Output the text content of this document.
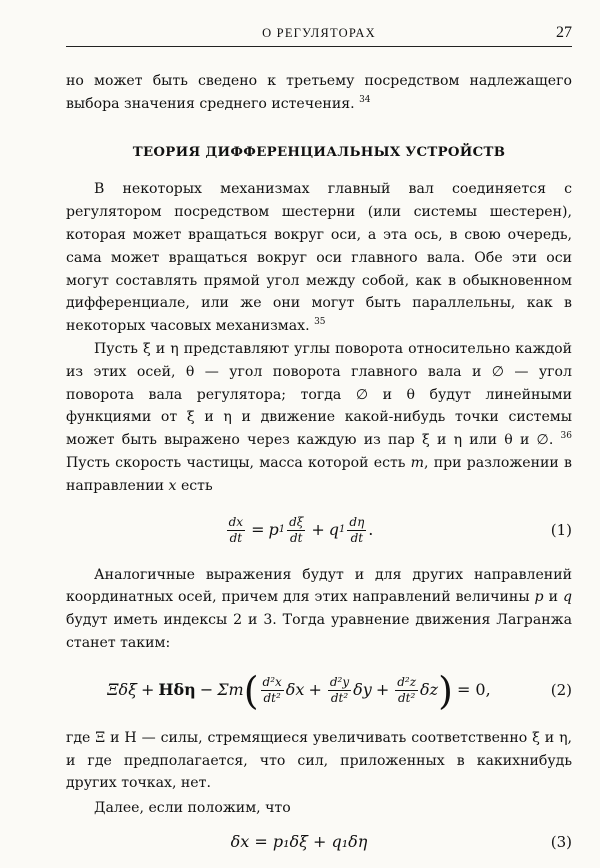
О РЕГУЛЯТОРАХ	27

но может быть сведено к третьему посредством надлежащего выбора значения среднего истечения. $^{34}$

ТЕОРИЯ ДИФФЕРЕНЦИАЛЬНЫХ УСТРОЙСТВ

В некоторых механизмах главный вал соединяется с регулятором посредством шестерни (или системы шестерен), которая может вращаться вокруг оси, а эта ось, в свою очередь, сама может вращаться вокруг оси главного вала. Обе эти оси могут составлять прямой угол между собой, как в обыкновенном дифференциале, или же они могут быть параллельны, как в некоторых часовых механизмах. $^{35}$

Пусть ξ и η представляют углы поворота относительно каждой из этих осей, θ — угол поворота главного вала и ∅ — угол поворота вала регулятора; тогда ∅ и θ будут линейными функциями от ξ и η и движение какой-нибудь точки системы может быть выражено через каждую из пар ξ и η или θ и ∅. $^{36}$ Пусть скорость частицы, масса которой есть m, при разложении в направлении x есть

$\frac{dx}{dt} = p$ $1 \frac{d\xi}{dt} + q$ $1 \frac{d\eta}{dt}$ .	(1)

Аналогичные выражения будут и для других направлений координатных осей, причем для этих направлений величины p и q будут иметь индексы 2 и 3. Тогда уравнение движения Лагранжа станет таким:

Ξδξ + Hδη − Σm ( $\frac{\text{d²x}}{\text{dt²}}$ $\delta x + \frac{\text{d²y}}{\text{dt²}}$ $\delta y + \frac{\text{d²z}}{\text{dt²}}$ δz ) = 0,	(2)

где Ξ и H — силы, стремящиеся увеличивать соответственно ξ и η, и где предполагается, что сил, приложенных в какихнибудь других точках, нет.

Далее, если положим, что

δx = p₁δξ + q₁δη	(3)
